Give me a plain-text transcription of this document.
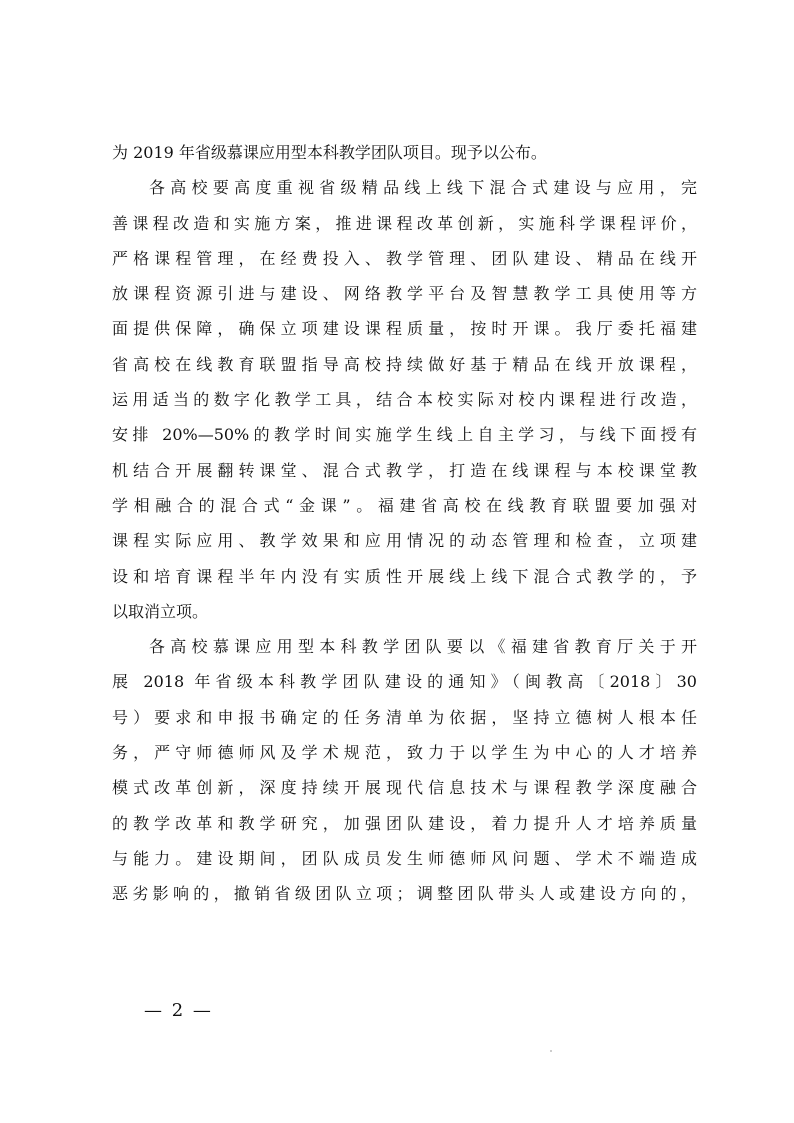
为 2019 年省级慕课应用型本科教学团队项目。现予以公布。
各高校要高度重视省级精品线上线下混合式建设与应用，完
善课程改造和实施方案，推进课程改革创新，实施科学课程评价，
严格课程管理，在经费投入、教学管理、团队建设、精品在线开
放课程资源引进与建设、网络教学平台及智慧教学工具使用等方
面提供保障，确保立项建设课程质量，按时开课。我厅委托福建
省高校在线教育联盟指导高校持续做好基于精品在线开放课程，
运用适当的数字化教学工具，结合本校实际对校内课程进行改造，
安排 20%—50%的教学时间实施学生线上自主学习，与线下面授有
机结合开展翻转课堂、混合式教学，打造在线课程与本校课堂教
学相融合的混合式“金课”。福建省高校在线教育联盟要加强对
课程实际应用、教学效果和应用情况的动态管理和检查，立项建
设和培育课程半年内没有实质性开展线上线下混合式教学的，予
以取消立项。
各高校慕课应用型本科教学团队要以《福建省教育厅关于开
展 2018 年省级本科教学团队建设的通知》（闽教高〔2018〕30
号）要求和申报书确定的任务清单为依据，坚持立德树人根本任
务，严守师德师风及学术规范，致力于以学生为中心的人才培养
模式改革创新，深度持续开展现代信息技术与课程教学深度融合
的教学改革和教学研究，加强团队建设，着力提升人才培养质量
与能力。建设期间，团队成员发生师德师风问题、学术不端造成
恶劣影响的，撤销省级团队立项；调整团队带头人或建设方向的，
— 2 —
